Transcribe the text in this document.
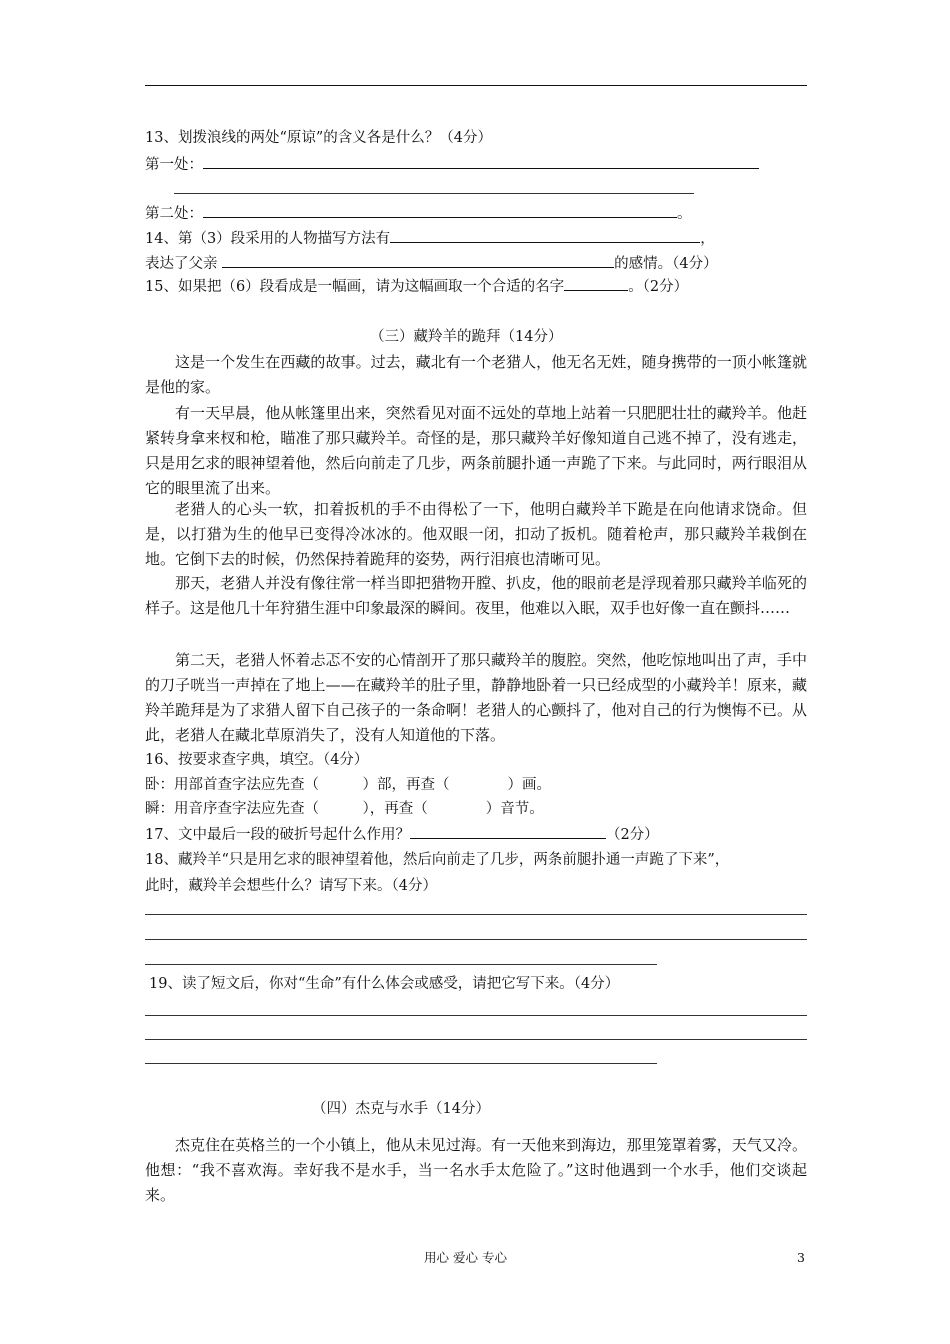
13、划拨浪线的两处“原谅”的含义各是什么？（4分）
第一处：
第二处：	。
14、第（3）段采用的人物描写方法有	，
表达了父亲	的感情。（4分）
15、如果把（6）段看成是一幅画，请为这幅画取一个合适的名字	。（2分）
（三）藏羚羊的跪拜（14分）
这是一个发生在西藏的故事。过去，藏北有一个老猎人，他无名无姓，随身携带的一顶小帐篷就是他的家。
有一天早晨，他从帐篷里出来，突然看见对面不远处的草地上站着一只肥肥壮壮的藏羚羊。他赶紧转身拿来杈和枪，瞄准了那只藏羚羊。奇怪的是，那只藏羚羊好像知道自己逃不掉了，没有逃走，只是用乞求的眼神望着他，然后向前走了几步，两条前腿扑通一声跪了下来。与此同时，两行眼泪从它的眼里流了出来。
老猎人的心头一软，扣着扳机的手不由得松了一下，他明白藏羚羊下跪是在向他请求饶命。但是，以打猎为生的他早已变得冷冰冰的。他双眼一闭，扣动了扳机。随着枪声，那只藏羚羊栽倒在地。它倒下去的时候，仍然保持着跪拜的姿势，两行泪痕也清晰可见。
那天，老猎人并没有像往常一样当即把猎物开膛、扒皮，他的眼前老是浮现着那只藏羚羊临死的样子。这是他几十年狩猎生涯中印象最深的瞬间。夜里，他难以入眠，双手也好像一直在颤抖……
第二天，老猎人怀着忐忑不安的心情剖开了那只藏羚羊的腹腔。突然，他吃惊地叫出了声，手中的刀子咣当一声掉在了地上——在藏羚羊的肚子里，静静地卧着一只已经成型的小藏羚羊！原来，藏羚羊跪拜是为了求猎人留下自己孩子的一条命啊！老猎人的心颤抖了，他对自己的行为懊悔不已。从此，老猎人在藏北草原消失了，没有人知道他的下落。
16、按要求查字典，填空。（4分）
卧：用部首查字法应先查（　　　）部，再查（　　　　）画。
瞬：用音序查字法应先查（　　　），再查（　　　　）音节。
17、文中最后一段的破折号起什么作用？	（2分）
18、藏羚羊“只是用乞求的眼神望着他，然后向前走了几步，两条前腿扑通一声跪了下来”，
此时，藏羚羊会想些什么？请写下来。（4分）
19、读了短文后，你对“生命”有什么体会或感受，请把它写下来。（4分）
（四）杰克与水手（14分）
杰克住在英格兰的一个小镇上，他从未见过海。有一天他来到海边，那里笼罩着雾，天气又冷。他想：“我不喜欢海。幸好我不是水手，当一名水手太危险了。”这时他遇到一个水手，他们交谈起来。
用心 爱心 专心	3
